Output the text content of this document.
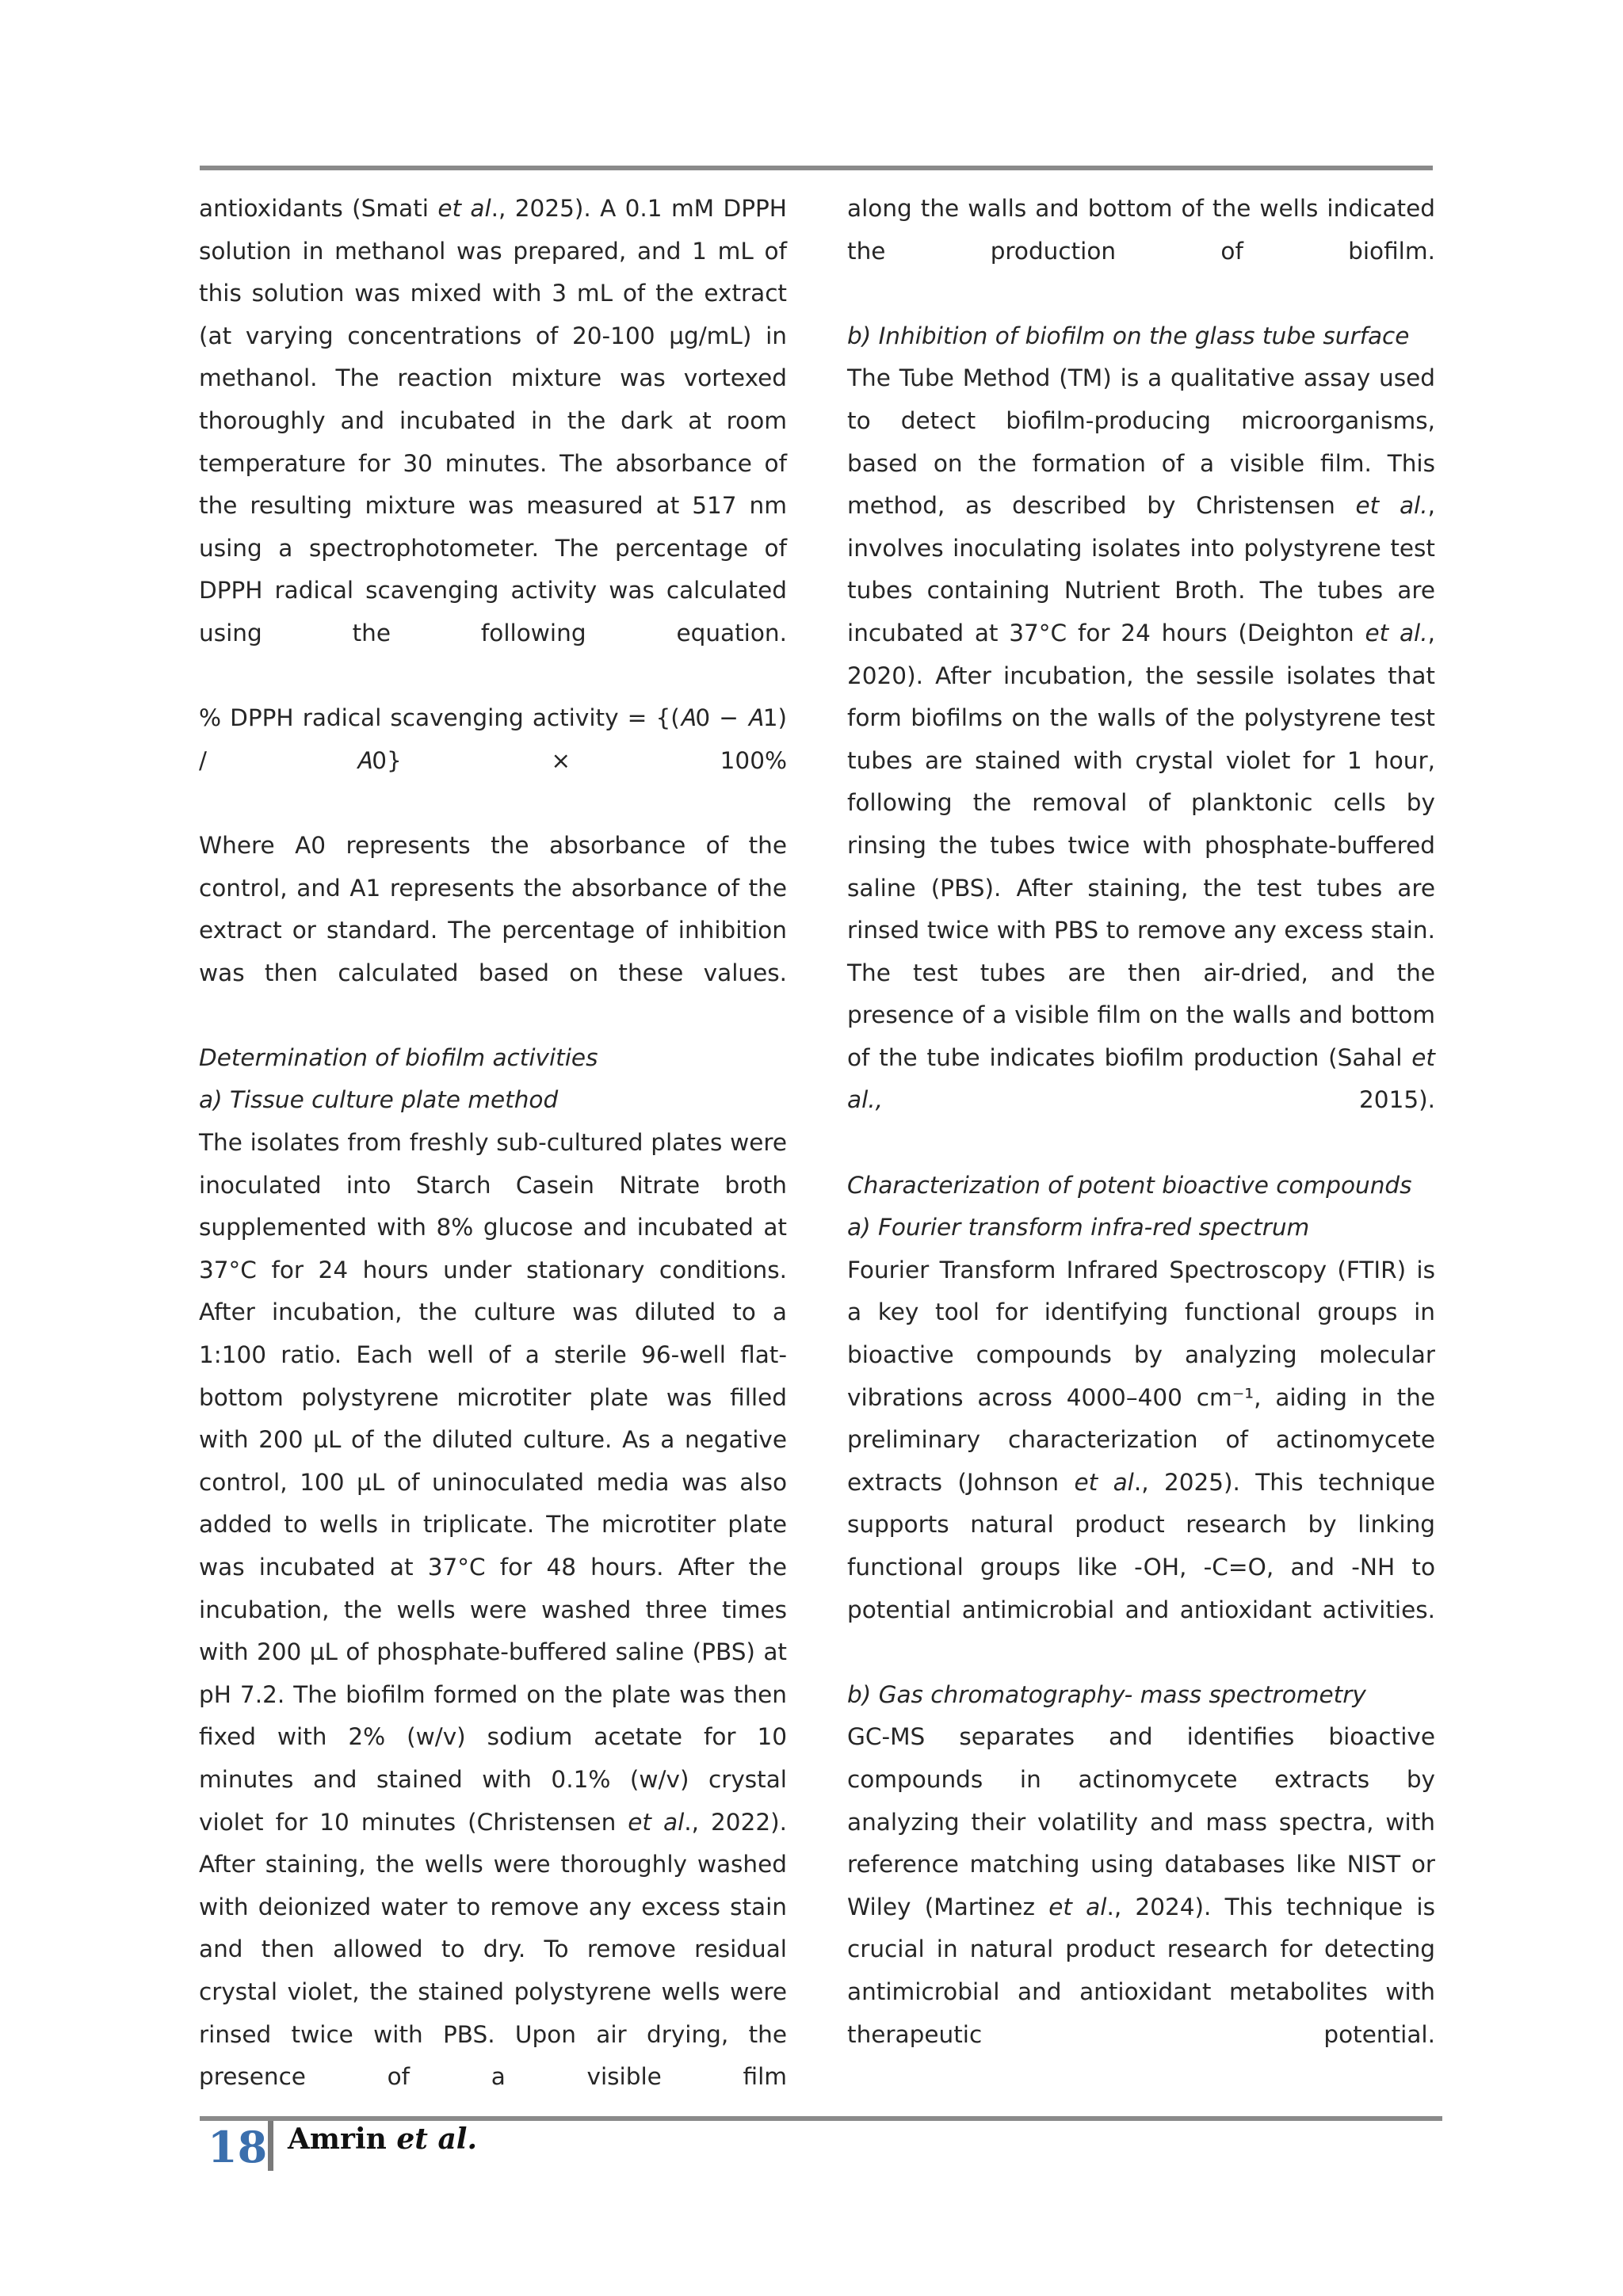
antioxidants (Smati et al., 2025). A 0.1 mM DPPH solution in methanol was prepared, and 1 mL of this solution was mixed with 3 mL of the extract (at varying concentrations of 20-100 μg/mL) in methanol. The reaction mixture was vortexed thoroughly and incubated in the dark at room temperature for 30 minutes. The absorbance of the resulting mixture was measured at 517 nm using a spectrophotometer. The percentage of DPPH radical scavenging activity was calculated using the following equation.

% DPPH radical scavenging activity = {(𝐴0 − 𝐴1) / 𝐴0} × 100%

Where A0 represents the absorbance of the control, and A1 represents the absorbance of the extract or standard. The percentage of inhibition was then calculated based on these values.

Determination of biofilm activities

a) Tissue culture plate method

The isolates from freshly sub-cultured plates were inoculated into Starch Casein Nitrate broth supplemented with 8% glucose and incubated at 37°C for 24 hours under stationary conditions. After incubation, the culture was diluted to a 1:100 ratio. Each well of a sterile 96-well flat-bottom polystyrene microtiter plate was filled with 200 µL of the diluted culture. As a negative control, 100 µL of uninoculated media was also added to wells in triplicate. The microtiter plate was incubated at 37°C for 48 hours. After the incubation, the wells were washed three times with 200 µL of phosphate-buffered saline (PBS) at pH 7.2. The biofilm formed on the plate was then fixed with 2% (w/v) sodium acetate for 10 minutes and stained with 0.1% (w/v) crystal violet for 10 minutes (Christensen et al., 2022). After staining, the wells were thoroughly washed with deionized water to remove any excess stain and then allowed to dry. To remove residual crystal violet, the stained polystyrene wells were rinsed twice with PBS. Upon air drying, the presence of a visible film

along the walls and bottom of the wells indicated the production of biofilm.

b) Inhibition of biofilm on the glass tube surface

The Tube Method (TM) is a qualitative assay used to detect biofilm-producing microorganisms, based on the formation of a visible film. This method, as described by Christensen et al., involves inoculating isolates into polystyrene test tubes containing Nutrient Broth. The tubes are incubated at 37°C for 24 hours (Deighton et al., 2020). After incubation, the sessile isolates that form biofilms on the walls of the polystyrene test tubes are stained with crystal violet for 1 hour, following the removal of planktonic cells by rinsing the tubes twice with phosphate-buffered saline (PBS). After staining, the test tubes are rinsed twice with PBS to remove any excess stain. The test tubes are then air-dried, and the presence of a visible film on the walls and bottom of the tube indicates biofilm production (Sahal et al., 2015).

Characterization of potent bioactive compounds

a) Fourier transform infra-red spectrum

Fourier Transform Infrared Spectroscopy (FTIR) is a key tool for identifying functional groups in bioactive compounds by analyzing molecular vibrations across 4000–400 cm⁻¹, aiding in the preliminary characterization of actinomycete extracts (Johnson et al., 2025). This technique supports natural product research by linking functional groups like -OH, -C=O, and -NH to potential antimicrobial and antioxidant activities.

b) Gas chromatography- mass spectrometry

GC-MS separates and identifies bioactive compounds in actinomycete extracts by analyzing their volatility and mass spectra, with reference matching using databases like NIST or Wiley (Martinez et al., 2024). This technique is crucial in natural product research for detecting antimicrobial and antioxidant metabolites with therapeutic potential.

18 Amrin et al.
